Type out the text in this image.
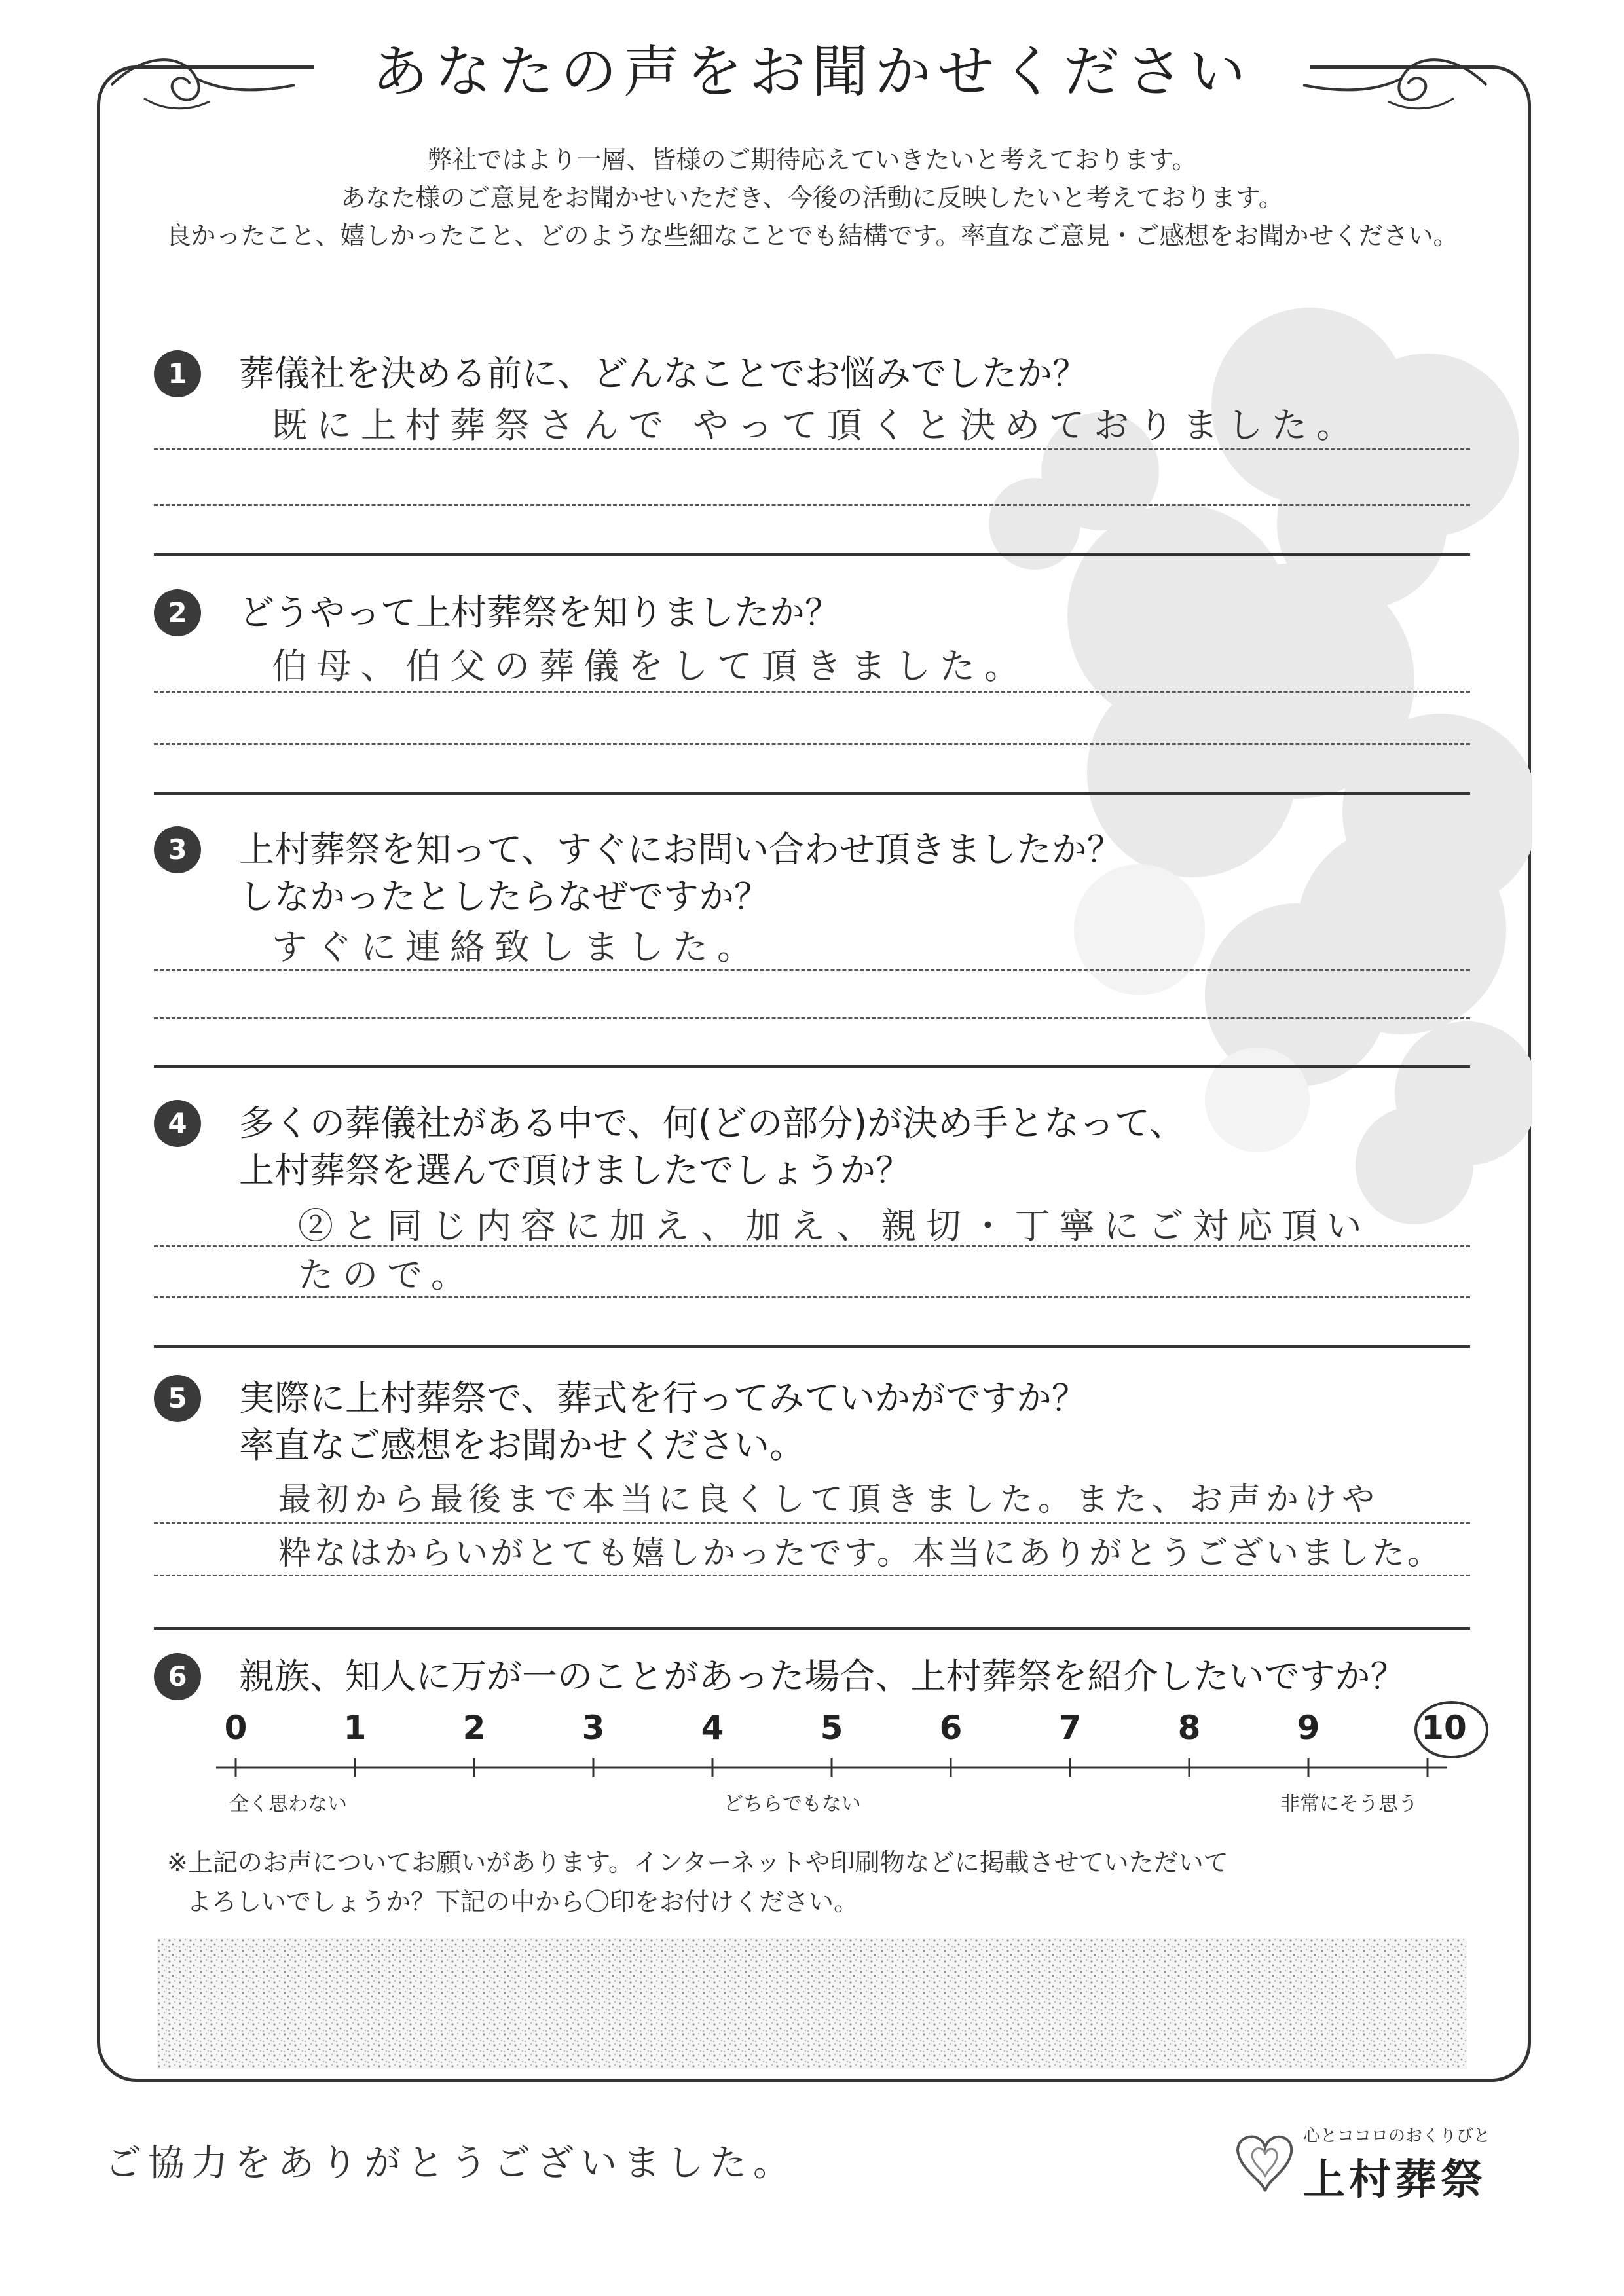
あなたの声をお聞かせください
弊社ではより一層、皆様のご期待応えていきたいと考えております。
あなた様のご意見をお聞かせいただき、今後の活動に反映したいと考えております。
良かったこと、嬉しかったこと、どのような些細なことでも結構です。率直なご意見・ご感想をお聞かせください。
1	葬儀社を決める前に、どんなことでお悩みでしたか？
既に上村葬祭さんで やって頂くと決めておりました。
2	どうやって上村葬祭を知りましたか？
伯母、伯父の葬儀をして頂きました。
3	上村葬祭を知って、すぐにお問い合わせ頂きましたか？
しなかったとしたらなぜですか？
すぐに連絡致しました。
4	多くの葬儀社がある中で、何(どの部分)が決め手となって、
上村葬祭を選んで頂けましたでしょうか？
②と同じ内容に加え、加え、親切・丁寧にご対応頂い
たので。
5	実際に上村葬祭で、葬式を行ってみていかがですか？
率直なご感想をお聞かせください。
最初から最後まで本当に良くして頂きました。また、お声かけや
粋なはからいがとても嬉しかったです。本当にありがとうございました。
6	親族、知人に万が一のことがあった場合、上村葬祭を紹介したいですか？
0	1	2	3	4	5	6	7	8	9	10
全く思わない	どちらでもない	非常にそう思う
※上記のお声についてお願いがあります。インターネットや印刷物などに掲載させていただいて
よろしいでしょうか？下記の中から〇印をお付けください。
ご協力をありがとうございました。
心とココロのおくりびと
上村葬祭
